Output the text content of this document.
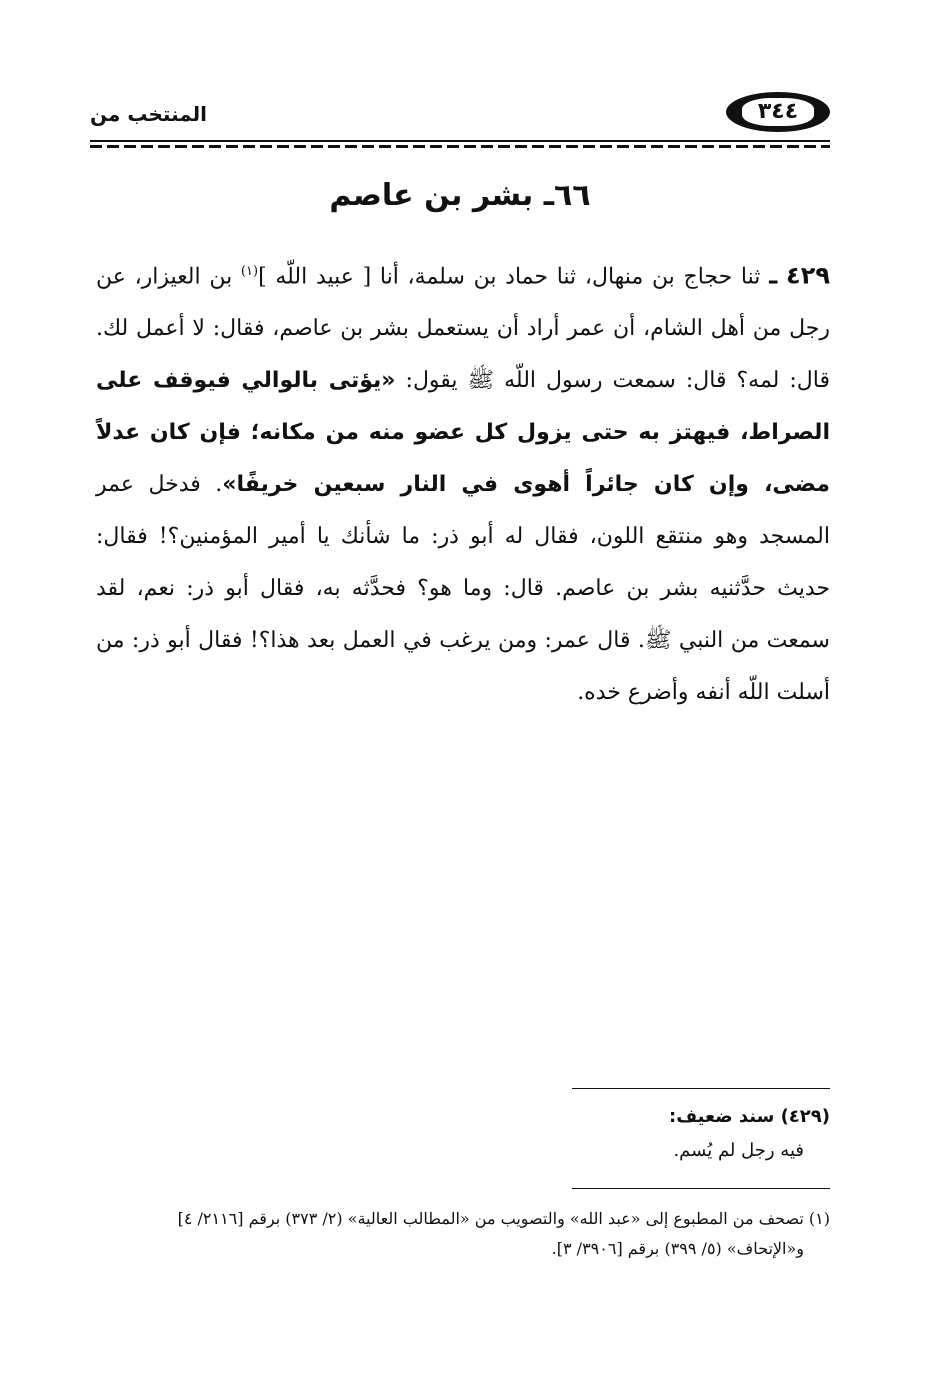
٣٤٤
المنتخب من
٦٦ـ بشر بن عاصم
٤٢٩ ـ ثنا حجاج بن منهال، ثنا حماد بن سلمة، أنا [ عبيد اللّه ]$^{(١)}$ بن العيزار، عن رجل من أهل الشام، أن عمر أراد أن يستعمل بشر بن عاصم، فقال: لا أعمل لك. قال: لمه؟ قال: سمعت رسول اللّه ﷺ يقول: «يؤتى بالوالي فيوقف على الصراط، فيهتز به حتى يزول كل عضو منه من مكانه؛ فإن كان عدلاً مضى، وإن كان جائراً أهوى في النار سبعين خريفًا». فدخل عمر المسجد وهو منتقع اللون، فقال له أبو ذر: ما شأنك يا أمير المؤمنين؟! فقال: حديث حدَّثنيه بشر بن عاصم. قال: وما هو؟ فحدَّثه به، فقال أبو ذر: نعم، لقد سمعت من النبي ﷺ. قال عمر: ومن يرغب في العمل بعد هذا؟! فقال أبو ذر: من أسلت اللّه أنفه وأضرع خده.
(٤٢٩) سند ضعيف:
فيه رجل لم يُسم.
(١) تصحف من المطبوع إلى «عبد الله» والتصويب من «المطالب العالية» (٢/ ٣٧٣) برقم [٢١١٦/ ٤]
و«الإتحاف» (٥/ ٣٩٩) برقم [٣٩٠٦/ ٣].
